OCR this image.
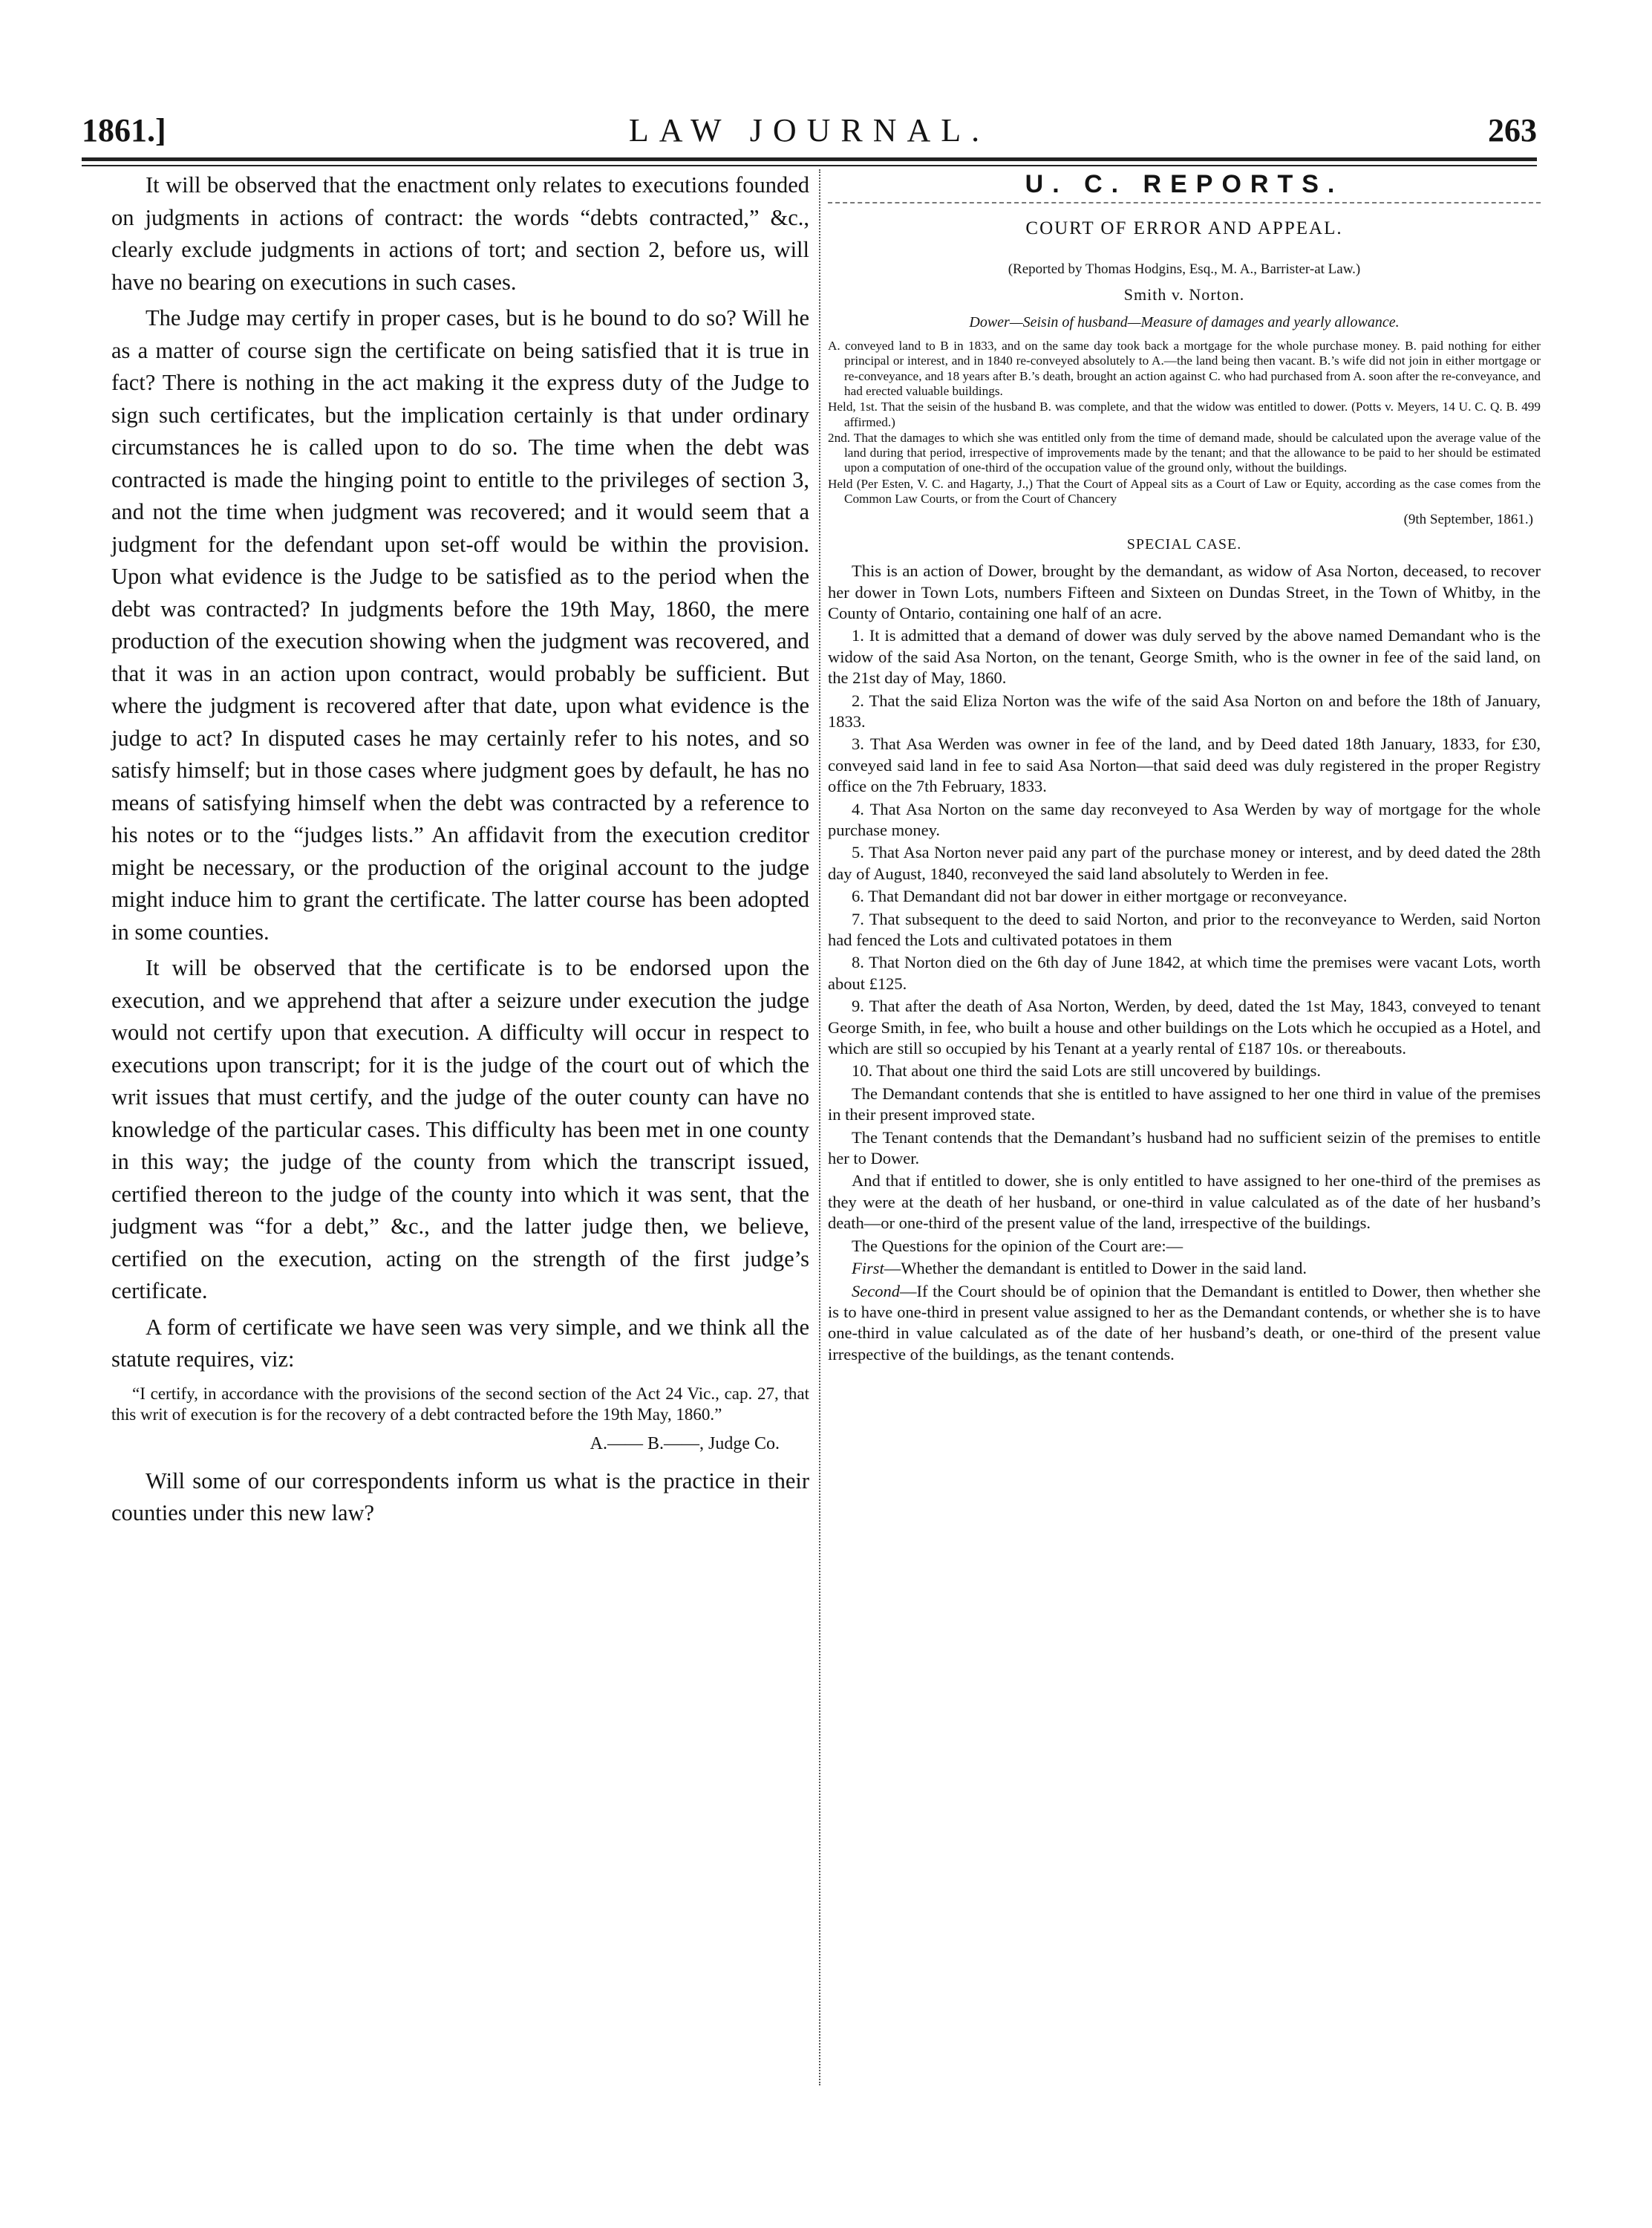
1861.]	LAW JOURNAL.	263

It will be observed that the enactment only relates to executions founded on judgments in actions of contract: the words “debts contracted,” &c., clearly exclude judgments in actions of tort; and section 2, before us, will have no bearing on executions in such cases.

The Judge may certify in proper cases, but is he bound to do so? Will he as a matter of course sign the certificate on being satisfied that it is true in fact? There is nothing in the act making it the express duty of the Judge to sign such certificates, but the implication certainly is that under ordinary circumstances he is called upon to do so. The time when the debt was contracted is made the hinging point to entitle to the privileges of section 3, and not the time when judgment was recovered; and it would seem that a judgment for the defendant upon set-off would be within the provision. Upon what evidence is the Judge to be satisfied as to the period when the debt was contracted? In judgments before the 19th May, 1860, the mere production of the execution showing when the judgment was recovered, and that it was in an action upon contract, would probably be sufficient. But where the judgment is recovered after that date, upon what evidence is the judge to act? In disputed cases he may certainly refer to his notes, and so satisfy himself; but in those cases where judgment goes by default, he has no means of satisfying himself when the debt was contracted by a reference to his notes or to the “judges lists.” An affidavit from the execution creditor might be necessary, or the production of the original account to the judge might induce him to grant the certificate. The latter course has been adopted in some counties.

It will be observed that the certificate is to be endorsed upon the execution, and we apprehend that after a seizure under execution the judge would not certify upon that execution. A difficulty will occur in respect to executions upon transcript; for it is the judge of the court out of which the writ issues that must certify, and the judge of the outer county can have no knowledge of the particular cases. This difficulty has been met in one county in this way; the judge of the county from which the transcript issued, certified thereon to the judge of the county into which it was sent, that the judgment was “for a debt,” &c., and the latter judge then, we believe, certified on the execution, acting on the strength of the first judge’s certificate.

A form of certificate we have seen was very simple, and we think all the statute requires, viz:

“I certify, in accordance with the provisions of the second section of the Act 24 Vic., cap. 27, that this writ of execution is for the recovery of a debt contracted before the 19th May, 1860.”

A.—— B.——, Judge Co.

Will some of our correspondents inform us what is the practice in their counties under this new law?

U. C. REPORTS.
COURT OF ERROR AND APPEAL.
(Reported by Thomas Hodgins, Esq., M. A., Barrister-at Law.)
Smith v. Norton.
Dower—Seisin of husband—Measure of damages and yearly allowance.

A. conveyed land to B in 1833, and on the same day took back a mortgage for the whole purchase money. B. paid nothing for either principal or interest, and in 1840 re-conveyed absolutely to A.—the land being then vacant. B.’s wife did not join in either mortgage or re-conveyance, and 18 years after B.’s death, brought an action against C. who had purchased from A. soon after the re-conveyance, and had erected valuable buildings.

Held, 1st. That the seisin of the husband B. was complete, and that the widow was entitled to dower. (Potts v. Meyers, 14 U. C. Q. B. 499 affirmed.)

2nd. That the damages to which she was entitled only from the time of demand made, should be calculated upon the average value of the land during that period, irrespective of improvements made by the tenant; and that the allowance to be paid to her should be estimated upon a computation of one-third of the occupation value of the ground only, without the buildings.

Held (Per Esten, V. C. and Hagarty, J.,) That the Court of Appeal sits as a Court of Law or Equity, according as the case comes from the Common Law Courts, or from the Court of Chancery

(9th September, 1861.)
SPECIAL CASE.

This is an action of Dower, brought by the demandant, as widow of Asa Norton, deceased, to recover her dower in Town Lots, numbers Fifteen and Sixteen on Dundas Street, in the Town of Whitby, in the County of Ontario, containing one half of an acre.

1. It is admitted that a demand of dower was duly served by the above named Demandant who is the widow of the said Asa Norton, on the tenant, George Smith, who is the owner in fee of the said land, on the 21st day of May, 1860.

2. That the said Eliza Norton was the wife of the said Asa Norton on and before the 18th of January, 1833.

3. That Asa Werden was owner in fee of the land, and by Deed dated 18th January, 1833, for £30, conveyed said land in fee to said Asa Norton—that said deed was duly registered in the proper Registry office on the 7th February, 1833.

4. That Asa Norton on the same day reconveyed to Asa Werden by way of mortgage for the whole purchase money.

5. That Asa Norton never paid any part of the purchase money or interest, and by deed dated the 28th day of August, 1840, reconveyed the said land absolutely to Werden in fee.

6. That Demandant did not bar dower in either mortgage or reconveyance.

7. That subsequent to the deed to said Norton, and prior to the reconveyance to Werden, said Norton had fenced the Lots and cultivated potatoes in them

8. That Norton died on the 6th day of June 1842, at which time the premises were vacant Lots, worth about £125.

9. That after the death of Asa Norton, Werden, by deed, dated the 1st May, 1843, conveyed to tenant George Smith, in fee, who built a house and other buildings on the Lots which he occupied as a Hotel, and which are still so occupied by his Tenant at a yearly rental of £187 10s. or thereabouts.

10. That about one third the said Lots are still uncovered by buildings.

The Demandant contends that she is entitled to have assigned to her one third in value of the premises in their present improved state.

The Tenant contends that the Demandant’s husband had no sufficient seizin of the premises to entitle her to Dower.

And that if entitled to dower, she is only entitled to have assigned to her one-third of the premises as they were at the death of her husband, or one-third in value calculated as of the date of her husband’s death—or one-third of the present value of the land, irrespective of the buildings.

The Questions for the opinion of the Court are:—

First—Whether the demandant is entitled to Dower in the said land.

Second—If the Court should be of opinion that the Demandant is entitled to Dower, then whether she is to have one-third in present value assigned to her as the Demandant contends, or whether she is to have one-third in value calculated as of the date of her husband’s death, or one-third of the present value irrespective of the buildings, as the tenant contends.
